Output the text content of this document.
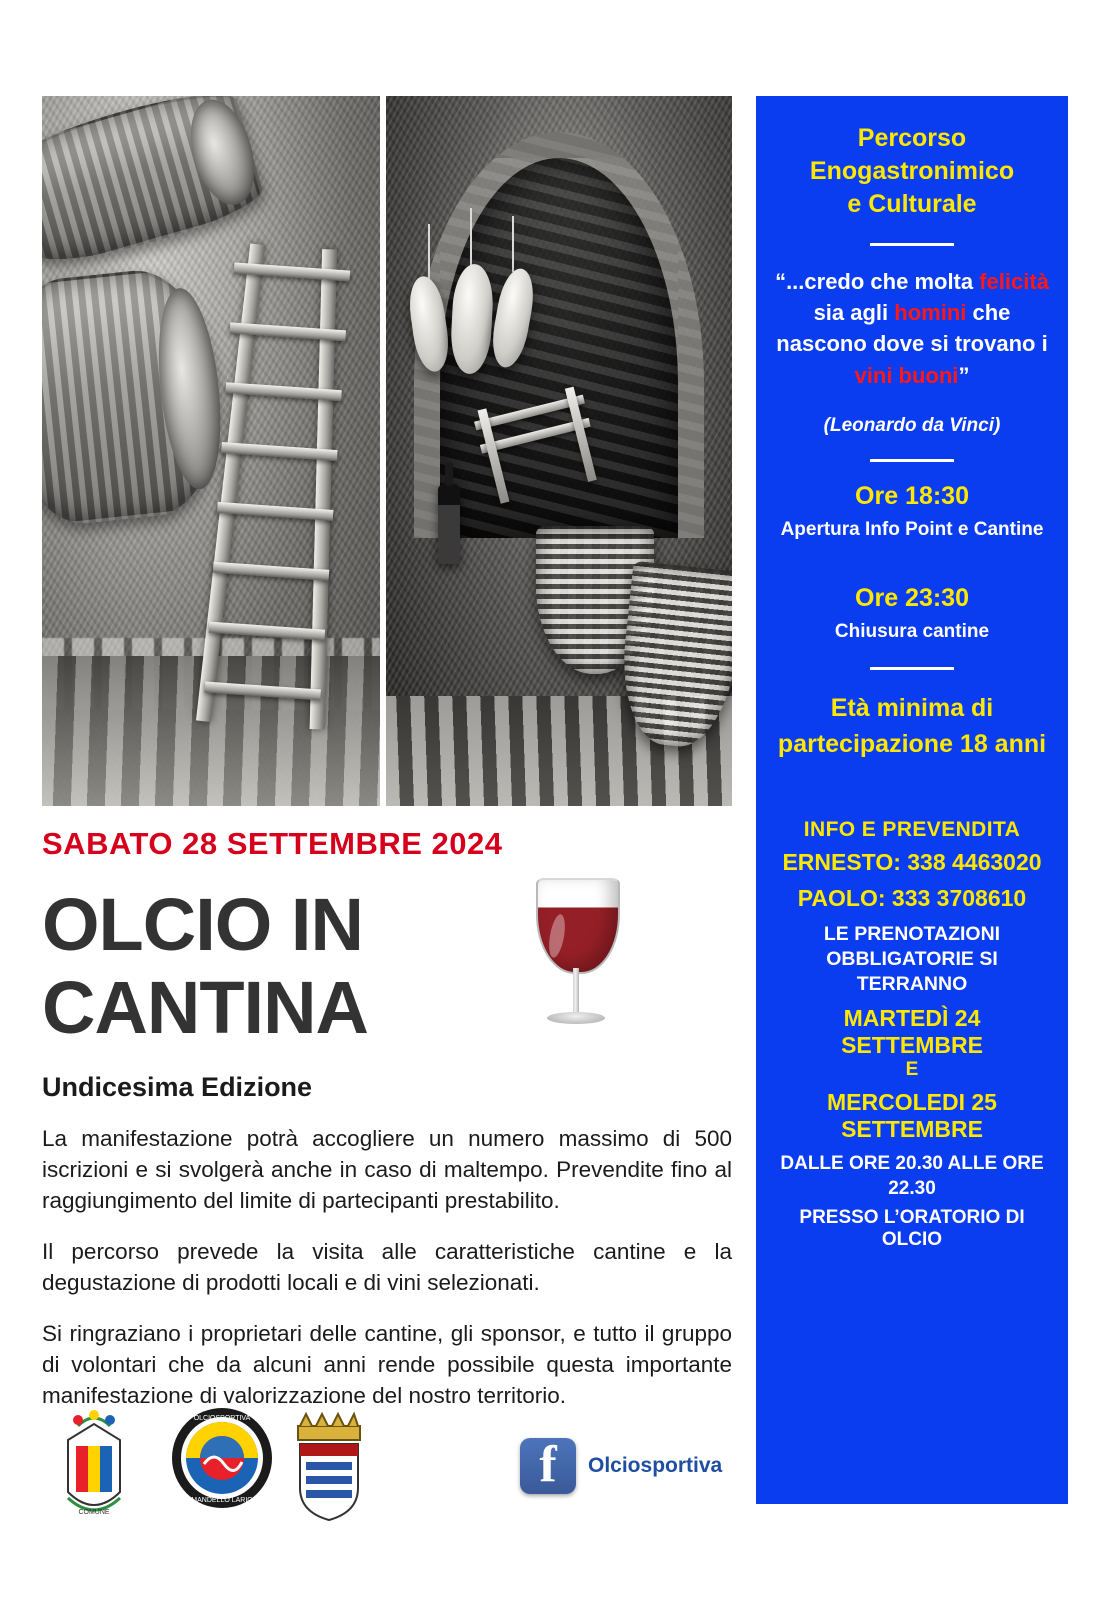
SABATO 28 SETTEMBRE 2024
OLCIO IN
CANTINA
Undicesima Edizione
La manifestazione potrà accogliere un numero massimo di 500 iscrizioni e si svolgerà anche in caso di maltempo. Prevendite fino al raggiungimento del limite di partecipanti prestabilito.
Il percorso prevede la visita alle caratteristiche cantine e la degustazione di prodotti locali e di vini selezionati.
Si ringraziano i proprietari delle cantine, gli sponsor, e tutto il gruppo di volontari che da alcuni anni rende possibile questa importante manifestazione di valorizzazione del nostro territorio.
COMUNE
OLCIOSPORTIVA
MANDELLO LARIO
f	Olciosportiva
Percorso
Enogastronimico
e Culturale
“...credo che molta felicità sia agli homini che nascono dove si trovano i vini buoni”
(Leonardo da Vinci)
Ore 18:30
Apertura Info Point e Cantine
Ore 23:30
Chiusura cantine
Età minima di partecipazione 18 anni
INFO E PREVENDITA
ERNESTO: 338 4463020
PAOLO: 333 3708610
LE PRENOTAZIONI OBBLIGATORIE SI TERRANNO
MARTEDÌ 24 SETTEMBRE
E
MERCOLEDI 25 SETTEMBRE
DALLE ORE 20.30 ALLE ORE 22.30
PRESSO L’ORATORIO DI OLCIO
